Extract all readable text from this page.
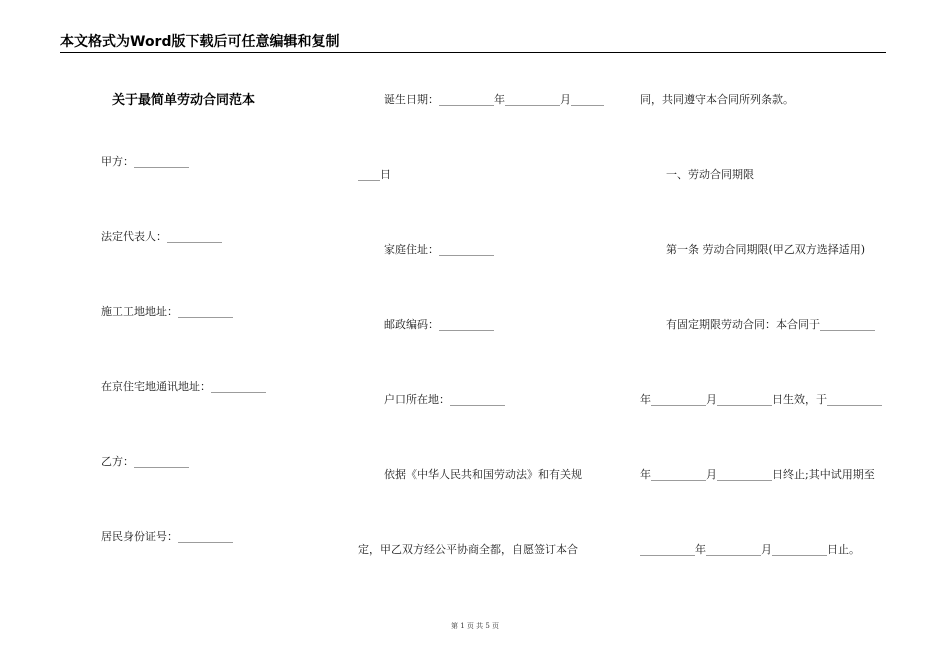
本文格式为Word版下载后可任意编辑和复制
关于最简单劳动合同范本
甲方：__________
法定代表人：__________
施工工地地址：__________
在京住宅地通讯地址：__________
乙方：__________
居民身份证号：__________
诞生日期：__________年__________月______
____日
家庭住址：__________
邮政编码：__________
户口所在地：__________
依据《中华人民共和国劳动法》和有关规
定，甲乙双方经公平协商全都，自愿签订本合
同，共同遵守本合同所列条款。
一、劳动合同期限
第一条 劳动合同期限(甲乙双方选择适用)
有固定期限劳动合同：本合同于__________
年__________月__________日生效，于__________
年__________月__________日终止;其中试用期至
__________年__________月__________日止。
第 1 页 共 5 页
